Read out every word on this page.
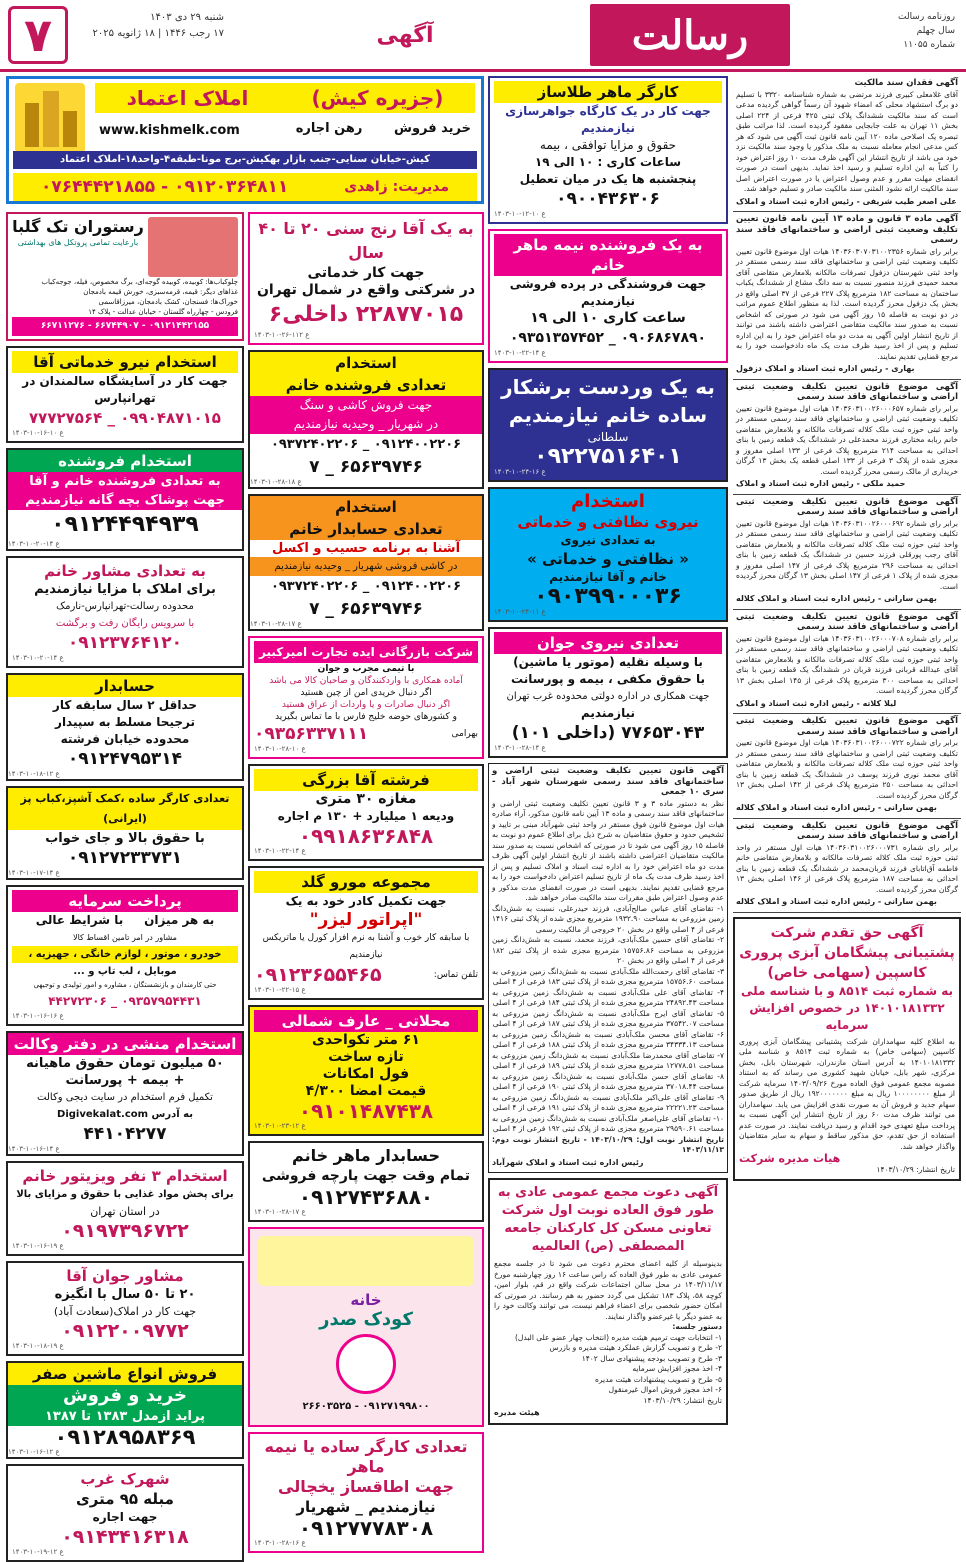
۷	شنبه ۲۹ دی ۱۴۰۳
۱۷ رجب ۱۴۴۶ | ۱۸ ژانویه ۲۰۲۵	آگهی	رسالت	روزنامه رسالت
سال چهلم
شماره ۱۱۰۵۵
آگهی فقدان سند مالکیت
آقای غلامعلی کبیری فرزند مرتضی به شماره شناسنامه ۳۳۲۰ با تسلیم دو برگ استشهاد محلی که امضاء شهود آن رسماً گواهی گردیده مدعی است که سند مالکیت ششدانگ پلاک ثبتی ۴۲۵ فرعی از ۲۲۴ اصلی بخش ۱۱ تهران به علت جابجایی مفقود گردیده است. لذا مراتب طبق تبصره یک اصلاحی ماده ۱۲۰ آیین نامه قانون ثبت آگهی می شود که هر کس مدعی انجام معامله نسبت به ملک مذکور یا وجود سند مالکیت نزد خود می باشد از تاریخ انتشار این آگهی ظرف مدت ۱۰ روز اعتراض خود را کتباً به این اداره تسلیم و رسید اخذ نماید. بدیهی است در صورت انقضای مهلت مقرر و عدم وصول اعتراض یا در صورت اعتراض اصل سند مالکیت ارائه نشود المثنی سند مالکیت صادر و تسلیم خواهد شد.
علی اصغر طیب شریفی - رئیس اداره ثبت اسناد و املاک
آگهی ماده ۳ قانون و ماده ۱۳ آیین نامه قانون تعیین تکلیف وضعیت ثبتی اراضی و ساختمانهای فاقد سند رسمی
برابر رای شماره ۱۴۰۳۶۰۳۰۷۰۳۱۰۰۲۳۵۶ هیات اول موضوع قانون تعیین تکلیف وضعیت ثبتی اراضی و ساختمانهای فاقد سند رسمی مستقر در واحد ثبتی شهرستان دزفول تصرفات مالکانه بلامعارض متقاضی آقای محمد حمیدی فرزند منصور نسبت به سه دانگ مشاع از ششدانگ یکباب ساختمان به مساحت ۱۸۲ مترمربع پلاک ۲۲۷ فرعی از ۳۷ اصلی واقع در بخش یک دزفول محرز گردیده است. لذا به منظور اطلاع عموم مراتب در دو نوبت به فاصله ۱۵ روز آگهی می شود در صورتی که اشخاص نسبت به صدور سند مالکیت متقاضی اعتراضی داشته باشند می توانند از تاریخ انتشار اولین آگهی به مدت دو ماه اعتراض خود را به این اداره تسلیم و پس از اخذ رسید ظرف مدت یک ماه دادخواست خود را به مرجع قضایی تقدیم نمایند.
بهاری - رئیس اداره ثبت اسناد و املاک دزفول
آگهی موضوع قانون تعیین تکلیف وضعیت ثبتی اراضی و ساختمانهای فاقد سند رسمی
برابر رای شماره ۱۴۰۳۶۰۳۱۰۰۲۶۰۰۰۶۵۷ هیات اول موضوع قانون تعیین تکلیف وضعیت ثبتی اراضی و ساختمانهای فاقد سند رسمی مستقر در واحد ثبتی حوزه ثبت ملک کلاله تصرفات مالکانه و بلامعارض متقاضی خانم ربابه مختاری فرزند محمدعلی در ششدانگ یک قطعه زمین با بنای احداثی به مساحت ۲۱۴ مترمربع پلاک فرعی از ۱۳۳ اصلی مفروز و مجزی شده از پلاک ۳ فرعی از ۱۳۳ اصلی قطعه یک بخش ۱۳ گرگان خریداری از مالک رسمی محرز گردیده است.
حمید ملکی - رئیس اداره ثبت اسناد و املاک
آگهی موضوع قانون تعیین تکلیف وضعیت ثبتی اراضی و ساختمانهای فاقد سند رسمی
برابر رای شماره ۱۴۰۳۶۰۳۱۰۰۲۶۰۰۰۶۹۲ هیات اول موضوع قانون تعیین تکلیف وضعیت ثبتی اراضی و ساختمانهای فاقد سند رسمی مستقر در واحد ثبتی حوزه ثبت ملک کلاله تصرفات مالکانه و بلامعارض متقاضی آقای رجب پورقلی فرزند حسین در ششدانگ یک قطعه زمین با بنای احداثی به مساحت ۲۹۶ مترمربع پلاک فرعی از ۱۴۷ اصلی مفروز و مجزی شده از پلاک ۱ فرعی از ۱۴۷ اصلی بخش ۱۳ گرگان محرز گردیده است.
بهمن سارانی - رئیس اداره ثبت اسناد و املاک کلاله
آگهی موضوع قانون تعیین تکلیف وضعیت ثبتی اراضی و ساختمانهای فاقد سند رسمی
برابر رای شماره ۱۴۰۳۶۰۳۱۰۰۲۶۰۰۰۷۰۸ هیات اول موضوع قانون تعیین تکلیف وضعیت ثبتی اراضی و ساختمانهای فاقد سند رسمی مستقر در واحد ثبتی حوزه ثبت ملک کلاله تصرفات مالکانه و بلامعارض متقاضی آقای عبدالله قربانی فرزند قربان در ششدانگ یک قطعه زمین با بنای احداثی به مساحت ۳۰۰ مترمربع پلاک فرعی از ۱۴۵ اصلی بخش ۱۳ گرگان محرز گردیده است.
لیلا کلاته - رئیس اداره ثبت اسناد و املاک
آگهی موضوع قانون تعیین تکلیف وضعیت ثبتی اراضی و ساختمانهای فاقد سند رسمی
برابر رای شماره ۱۴۰۳۶۰۳۱۰۰۲۶۰۰۰۷۲۲ هیات اول موضوع قانون تعیین تکلیف وضعیت ثبتی اراضی و ساختمانهای فاقد سند رسمی مستقر در واحد ثبتی حوزه ثبت ملک کلاله تصرفات مالکانه و بلامعارض متقاضی آقای محمد نوری فرزند یوسف در ششدانگ یک قطعه زمین با بنای احداثی به مساحت ۲۵۰ مترمربع پلاک فرعی از ۱۴۲ اصلی بخش ۱۳ گرگان محرز گردیده است.
بهمن سارانی - رئیس اداره ثبت اسناد و املاک کلاله
آگهی موضوع قانون تعیین تکلیف وضعیت ثبتی اراضی و ساختمانهای فاقد سند رسمی
برابر رای شماره ۱۴۰۳۶۰۳۱۰۰۲۶۰۰۰۷۳۱ هیات اول مستقر در واحد ثبتی حوزه ثبت ملک کلاله تصرفات مالکانه و بلامعارض متقاضی خانم فاطمه آق‌اتابای فرزند قربان‌محمد در ششدانگ یک قطعه زمین با بنای احداثی به مساحت ۱۸۷ مترمربع پلاک فرعی از ۱۴۶ اصلی بخش ۱۳ گرگان محرز گردیده است.
بهمن سارانی - رئیس اداره ثبت اسناد و املاک کلاله
آگهی حق تقدم شرکت پشتیبانی پیشگامان آبزی پروری کاسپین (سهامی خاص)
به شماره ثبت ۸۵۱۴ و با شناسه ملی ۱۴۰۱۰۱۸۱۳۳۲ در خصوص افزایش سرمایه
به اطلاع کلیه سهامداران شرکت پشتیبانی پیشگامان آبزی پروری کاسپین (سهامی خاص) به شماره ثبت ۸۵۱۴ و شناسه ملی ۱۴۰۱۰۱۸۱۳۳۲ به آدرس استان مازندران، شهرستان بابل، بخش مرکزی، شهر بابل، خیابان شهید کشوری می رساند که به استناد مصوبه مجمع عمومی فوق العاده مورخ ۱۴۰۳/۰۹/۲۶ سرمایه شرکت از مبلغ ۱۰۰۰۰۰۰۰۰ ریال به مبلغ ۱۹۲۰۰۰۰۰۰۰ ریال از طریق صدور سهام جدید و فروش آن به صورت نقدی افزایش می یابد. سهامداران می توانند ظرف مدت ۶۰ روز از تاریخ انتشار این آگهی نسبت به پرداخت مبلغ تعهدی خود اقدام و رسید دریافت نمایند. در صورت عدم استفاده از حق تقدم، حق مذکور ساقط و سهام به سایر متقاضیان واگذار خواهد شد.
هیات مدیره شرکت
تاریخ انتشار: ۱۴۰۳/۱۰/۲۹
کارگر ماهر طلاساز
جهت کار در یک کارگاه جواهرسازی نیازمندیم
حقوق و مزایا توافقی ، بیمه
ساعات کاری : ۱۰ الی ۱۹
پنجشنبه ها یک در میان تعطیل
۰۹۰۰۴۳۶۳۰۶
ع ۱۰-۱۲-۱۰-۱۴۰۳
به یک فروشنده نیمه ماهر خانم
جهت فروشندگی در پرده فروشی نیازمندیم
ساعت کاری ۱۰ الی ۱۹
۰۹۰۶۸۶۷۸۹۰ _ ۰۹۳۵۱۳۵۷۴۵۲
ع ۱۴-۲۲-۱۰-۱۴۰۳
به یک وردست برشکار
ساده خانم نیازمندیم
سلطانی
۰۹۲۲۷۵۱۶۴۰۱
ع ۱۶-۲۴-۱۰-۱۴۰۳
استخدام
نیروی نظافتی و خدماتی
به تعدادی نیروی
« نظافتی و خدماتی »
خانم و آقا نیازمندیم
۰۹۰۳۹۹۰۰۰۳۶
ع ۱۱-۲۴-۱۰-۱۴۰۳
تعدادی نیروی جوان
با وسیله نقلیه (موتور یا ماشین)
با حقوق مکفی ، بیمه و پورسانت
جهت همکاری در اداره دولتی محدوده غرب تهران
نیازمندیم
۷۷۶۵۳۰۴۳ (داخلی ۱۰۱)
ع ۱۴-۲۸-۱۰-۱۴۰۳
آگهی قانون تعیین تکلیف وضعیت ثبتی اراضی و ساختمانهای فاقد سند رسمی شهرستان شهر آباد - سری ۱۰ جمعی
نظر به دستور ماده ۳ و ۳ قانون تعیین تکلیف وضعیت ثبتی اراضی و ساختمانهای فاقد سند رسمی و ماده ۱۳ آیین نامه قانون مذکور، آراء صادره هیات اول موضوع قانون فوق مستقر در واحد ثبتی شهرآباد مبنی بر تایید و تشخیص حدود و حقوق متقاضیان به شرح ذیل برای اطلاع عموم دو نوبت به فاصله ۱۵ روز آگهی می شود تا در صورتی که اشخاص نسبت به صدور سند مالکیت متقاضیان اعتراضی داشته باشند از تاریخ انتشار اولین آگهی ظرف مدت دو ماه اعتراض خود را به اداره ثبت اسناد و املاک تسلیم و پس از اخذ رسید ظرف مدت یک ماه از تاریخ تسلیم اعتراض دادخواست خود را به مرجع قضایی تقدیم نمایند. بدیهی است در صورت انقضای مدت مذکور و عدم وصول اعتراض طبق مقررات سند مالکیت صادر خواهد شد.
۱- تقاضای آقای عباس صالح‌آبادی، فرزند حیدرعلی، نسبت به شش‌دانگ زمین مزروعی به مساحت ۱۹۳۲.۹۰ مترمربع مجزی شده از پلاک ثبتی ۱۴۱۶ فرعی از ۴ اصلی واقع در بخش ۲۰ خروجی از مالکیت رسمی
۲- تقاضای آقای حسین ملک‌آبادی، فرزند محمد، نسبت به شش‌دانگ زمین مزروعی به مساحت ۱۵۷۵۶.۸۶ مترمربع مجزی شده از پلاک ثبتی ۱۸۲ فرعی از ۴ اصلی واقع در بخش ۲۰
۳- تقاضای آقای رحمت‌الله ملک‌آبادی نسبت به شش‌دانگ زمین مزروعی به مساحت ۱۵۷۵۶.۶۰ مترمربع مجزی شده از پلاک ثبتی ۱۸۳ فرعی از ۴ اصلی
۴- تقاضای آقای علی ملک‌آبادی نسبت به شش‌دانگ زمین مزروعی به مساحت ۲۴۸۹۲.۴۳ مترمربع مجزی شده از پلاک ثبتی ۱۸۴ فرعی از ۴ اصلی
۵- تقاضای آقای ایرج ملک‌آبادی نسبت به شش‌دانگ زمین مزروعی به مساحت ۳۷۵۴۲.۰۷ مترمربع مجزی شده از پلاک ثبتی ۱۸۷ فرعی از ۴ اصلی
۶- تقاضای آقای محسن ملک‌آبادی نسبت به شش‌دانگ زمین مزروعی به مساحت ۳۴۳۳۴.۱۳ مترمربع مجزی شده از پلاک ثبتی ۱۸۸ فرعی از ۴ اصلی
۷- تقاضای آقای محمدرضا ملک‌آبادی نسبت به شش‌دانگ زمین مزروعی به مساحت ۱۲۷۷۸.۵۱ مترمربع مجزی شده از پلاک ثبتی ۱۸۹ فرعی از ۴ اصلی
۸- تقاضای آقای حسن ملک‌آبادی نسبت به شش‌دانگ زمین مزروعی به مساحت ۳۷۰۱۸.۴۴ مترمربع مجزی شده از پلاک ثبتی ۱۹۰ فرعی از ۴ اصلی
۹- تقاضای آقای علی‌اکبر ملک‌آبادی نسبت به شش‌دانگ زمین مزروعی به مساحت ۲۲۲۲۱.۲۳ مترمربع مجزی شده از پلاک ثبتی ۱۹۱ فرعی از ۴ اصلی
۱۰- تقاضای آقای علی‌اصغر ملک‌آبادی نسبت به شش‌دانگ زمین مزروعی به مساحت ۲۹۵۹۰.۶۱ مترمربع مجزی شده از پلاک ثبتی ۱۹۲ فرعی از ۴ اصلی
تاریخ انتشار نوبت اول: ۱۴۰۳/۱۰/۲۹ - تاریخ انتشار نوبت دوم: ۱۴۰۳/۱۱/۱۳
رئیس اداره ثبت اسناد و املاک شهرآباد
آگهی دعوت مجمع عمومی عادی به طور فوق العاده نوبت اول شرکت تعاونی مسکن کل کارکنان جامعه المصطفی (ص) العالمیه
بدینوسیله از کلیه اعضای محترم دعوت می شود تا در جلسه مجمع عمومی عادی به طور فوق العاده که راس ساعت ۱۶ روز چهارشنبه مورخ ۱۴۰۳/۱۱/۱۷ در محل سالن اجتماعات شرکت واقع در قم، بلوار امین، کوچه ۵۸، پلاک ۱۸۳ تشکیل می گردد حضور به هم رسانند. در صورتی که امکان حضور شخصی برای اعضاء فراهم نیست، می توانند وکالت خود را به عضو دیگر یا غیرعضو واگذار نمایند.
دستور جلسه:
۱- انتخابات جهت ترمیم هیئت مدیره (انتخاب چهار عضو علی البدل)
۲- طرح و تصویب گزارش عملکرد هیئت مدیره و بازرس
۳- طرح و تصویب بودجه پیشنهادی سال ۱۴۰۲
۴- اخذ مجوز افزایش سرمایه
۵- طرح و تصویب پیشنهادات هیئت مدیره
۶- اخذ مجوز فروش اموال غیرمنقول
تاریخ انتشار: ۱۴۰۳/۱۰/۲۹
هیئت مدیره
(جزیره کیش)
املاک اعتماد
خرید فروش       رهن اجاره
www.kishmelk.com
کیش-خیابان سنایی-جنب بازار بهکیش-برج مونا-طبقه۴-واحد۱۸-املاک اعتماد
مدیریت: زاهدی
۰۹۱۲۰۳۶۴۸۱۱ - ۰۷۶۴۴۴۲۱۸۵۵
به یک آقا رنج سنی ۲۰ تا ۴۰ سال
جهت کار خدماتی
در شرکتی واقع در شمال تهران
۲۲۸۷۷۰۱۵ داخلی۶
ع ۱۱۲-۲۶-۱۰-۱۴۰۳
استخدام
تعدادی فروشنده خانم
جهت فروش کاشی و سنگ
در شهریار _ وحیدیه نیازمندیم
۰۹۱۲۴۰۰۲۲۰۶ _ ۰۹۳۷۲۴۰۲۲۰۶
۶۵۶۳۹۷۴۶ _ ۷
ع ۱۸-۲۸-۱۰-۱۴۰۳
استخدام
تعدادی حسابدار خانم
آشنا به برنامه حسیب و اکسل
در کاشی فروشی شهریار _ وحیدیه نیازمندیم
۰۹۱۲۴۰۰۲۲۰۶ _ ۰۹۳۷۲۴۰۲۲۰۶
۶۵۶۳۹۷۴۶ _ ۷
ع ۱۷-۲۸-۱۰-۱۴۰۳
شرکت بازرگانی ایده تجارت امیرکبیر
با تیمی مجرب و جوان
آماده همکاری با واردکنندگان و صاحبان کالا می باشد
اگر دنبال خریدی امن از چین هستید
اگر دنبال صادرات و یا واردات از عراق هستید
و کشورهای حوضه خلیج فارس با ما تماس بگیرید
بهرامی
۰۹۳۵۶۳۳۷۱۱۱
ع ۱۰-۲۸-۱۰-۱۴۰۳
فرشته آقا بزرگی
مغازه ۳۰ متری
ودیعه ۱ میلیارد + ۱۳۰ م اجاره
۰۹۹۱۸۶۳۶۸۴۸
ع ۱۴-۲۲-۱۰-۱۴۰۳
مجموعه مورو گلد
جهت تکمیل کادر خود به یک
"اپراتور لیزر"
با سابقه کار خوب و آشنا به نرم افزار کورل یا ماتریکس
نیازمندیم
تلفن تماس:
۰۹۱۲۳۶۵۵۴۶۵
ع ۱۵-۲۲-۱۰-۱۴۰۳
محلاتی _ عارف شمالی
۶۱ متر تکواحدی
تازه ساخت
فول امکانات
قیمت امضا ۴/۳۰۰
۰۹۱۰۱۴۸۷۴۳۸
ع ۱۲-۲۳-۱۰-۱۴۰۳
حسابدار ماهر خانم
تمام وقت جهت پارچه فروشی
۰۹۱۲۷۴۳۶۸۸۰
ع ۱۷-۲۸-۱۰-۱۴۰۳
خانه
کودک صدر
۰۹۱۲۷۱۹۹۸۰۰ - ۲۶۶۰۳۵۲۵
تعدادی کارگر ساده یا نیمه ماهر
جهت اطاقساز یخچالی
نیازمندیم _ شهریار
۰۹۱۲۷۷۷۸۳۰۸
ع ۱۶-۲۸-۱۰-۱۴۰۳
رستوران تک گلبا
بارعایت تمامی پروتکل های بهداشتی
چلوکباب‌ها: کوبیده، کوبیده گوجه‌ای، برگ مخصوص، فیله، جوجه‌کباب
غذاهای دیگر: قیمه، قرمه‌سبزی، خورش قیمه بادمجان
خوراک‌ها: فسنجان، کشک بادمجان، میرزاقاسمی
فرودس - چهارراه گلستان - خیابان عدالت - پلاک ۱۴
۰۹۱۲۱۴۴۲۱۵۵ - ۶۶۷۴۴۹۰۷ - ۶۶۷۱۱۲۷۶
استخدام نیرو خدماتی آقا
جهت کار در آسایشگاه سالمندان در تهرانپارس
۰۹۹۰۴۸۷۱۰۱۵ _ ۷۷۷۲۷۵۶۴
ع ۱۰-۱۶-۱۰-۱۴۰۳
استخدام فروشنده
به تعدادی فروشنده خانم و آقا
جهت پوشاک بچه گانه نیازمندیم
۰۹۱۲۴۴۹۴۹۳۹
ع ۱۴-۲۰-۱۰-۱۴۰۳
به تعدادی مشاور خانم
برای املاک با مزایا نیازمندیم
محدوده رسالت-تهرانپارس-نارمک
با سرویس رایگان رفت و برگشت
۰۹۱۲۳۷۶۴۱۲۰
ع ۱۴-۲۰-۱۰-۱۴۰۳
حسابدار
حداقل ۲ سال سابقه کار
ترجیحا مسلط به سپیدار
محدوده خیابان فرشته
۰۹۱۲۴۷۹۵۳۱۴
ع ۱۲-۱۸-۱۰-۱۴۰۳
تعدادی کارگر ساده ،کمک آشپز،کباب پز (ایرانی)
با حقوق بالا و جای خواب
۰۹۱۲۷۲۳۳۷۳۱
ع ۱۴-۱۷-۱۰-۱۴۰۳
پرداخت سرمایه
به هر میزان     با شرایط عالی
مشاور در امر تامین اقساط کالا
خودرو ، موتور ، لوازم خانگی ، جهیزیه ،
موبایل ، لب تاپ و ...
حتی کارمندان و بازنشستگان ، مشاوره و امور تولیدی و توجیهی
۰۹۳۵۷۹۵۴۴۳۱ _ ۴۴۲۷۲۳۰۶
ع ۱۶-۱۶-۱۰-۱۴۰۳
استخدام منشی در دفتر وکالت
۵۰ میلیون تومان حقوق ماهیانه
+ بیمه + پورسانت
تکمیل فرم استخدام در سایت دیجی وکالت
به آدرس Digivekalat.com
۴۴۱۰۴۲۷۷
ع ۱۴-۱۶-۱۰-۱۴۰۳
استخدام ۳ نفر ویزیتور خانم
برای پخش مواد غذایی با حقوق و مزایای بالا
در استان تهران
۰۹۱۹۷۳۹۶۷۲۲
ع ۱۹-۱۶-۱۰-۱۴۰۳
مشاور جوان آقا
۲۰ تا ۵۰ سال با انگیزه
جهت کار در املاک(سعادت آباد)
۰۹۱۲۲۰۰۹۷۷۲
ع ۱۹-۱۸-۱۰-۱۴۰۳
فروش انواع ماشین صفر
خرید و فروش
پراید ازمدل ۱۳۸۳ تا ۱۳۸۷
۰۹۱۲۸۹۵۸۳۶۹
ع ۱۲-۱۶-۱۰-۱۴۰۳
شهرک غرب
مبله ۹۵ متری
جهت اجاره
۰۹۱۴۳۴۱۶۳۱۸
ع ۱۲-۱۹-۱۰-۱۴۰۳
